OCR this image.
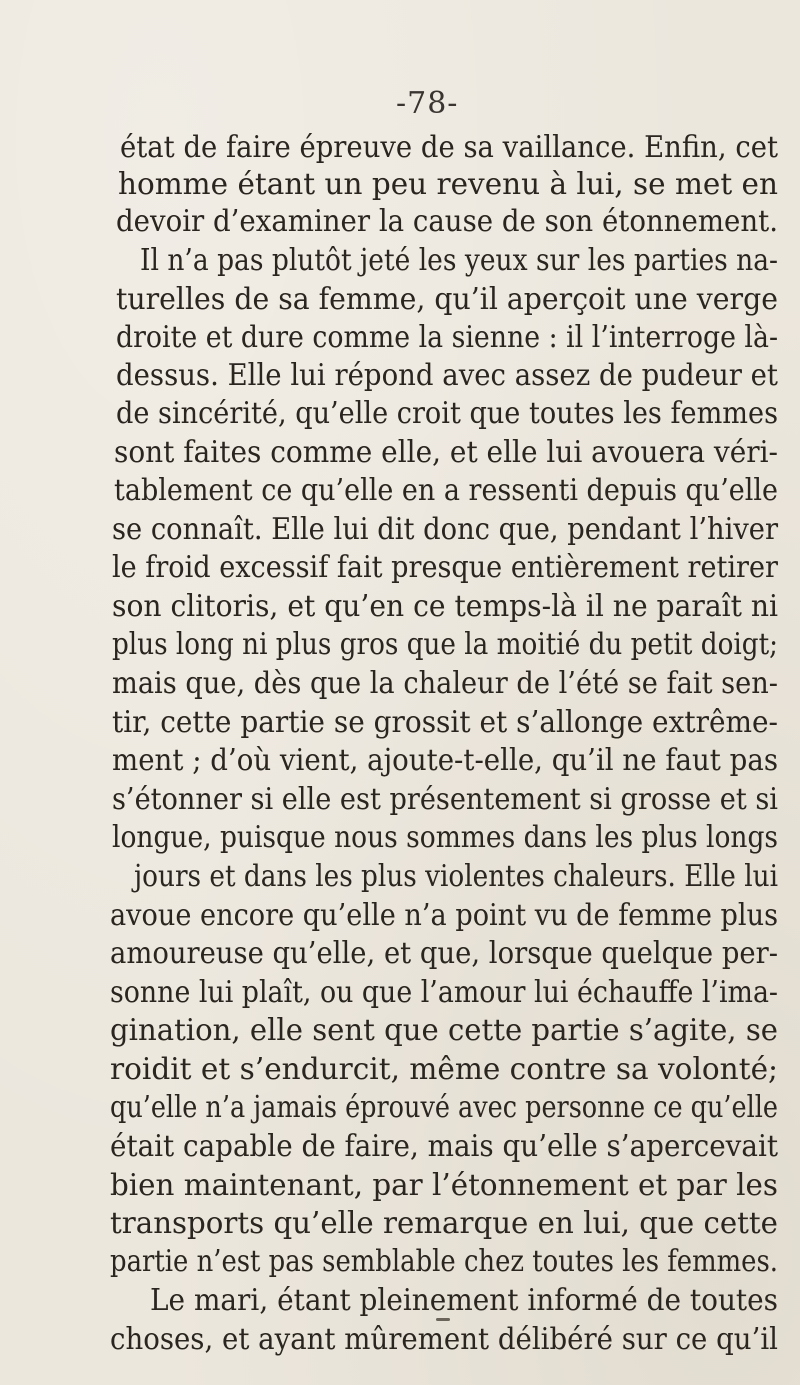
-78-
état de faire épreuve de sa vaillance. Enfin, cet
homme étant un peu revenu à lui, se met en
devoir d’examiner la cause de son étonnement.
Il n’a pas plutôt jeté les yeux sur les parties na-
turelles de sa femme, qu’il aperçoit une verge
droite et dure comme la sienne : il l’interroge là-
dessus. Elle lui répond avec assez de pudeur et
de sincérité, qu’elle croit que toutes les femmes
sont faites comme elle, et elle lui avouera véri-
tablement ce qu’elle en a ressenti depuis qu’elle
se connaît. Elle lui dit donc que, pendant l’hiver
le froid excessif fait presque entièrement retirer
son clitoris, et qu’en ce temps-là il ne paraît ni
plus long ni plus gros que la moitié du petit doigt;
mais que, dès que la chaleur de l’été se fait sen-
tir, cette partie se grossit et s’allonge extrême-
ment ; d’où vient, ajoute-t-elle, qu’il ne faut pas
s’étonner si elle est présentement si grosse et si
longue, puisque nous sommes dans les plus longs
jours et dans les plus violentes chaleurs. Elle lui
avoue encore qu’elle n’a point vu de femme plus
amoureuse qu’elle, et que, lorsque quelque per-
sonne lui plaît, ou que l’amour lui échauffe l’ima-
gination, elle sent que cette partie s’agite, se
roidit et s’endurcit, même contre sa volonté;
qu’elle n’a jamais éprouvé avec personne ce qu’elle
était capable de faire, mais qu’elle s’apercevait
bien maintenant, par l’étonnement et par les
transports qu’elle remarque en lui, que cette
partie n’est pas semblable chez toutes les femmes.
Le mari, étant pleinement informé de toutes
choses, et ayant mûrement délibéré sur ce qu’il
